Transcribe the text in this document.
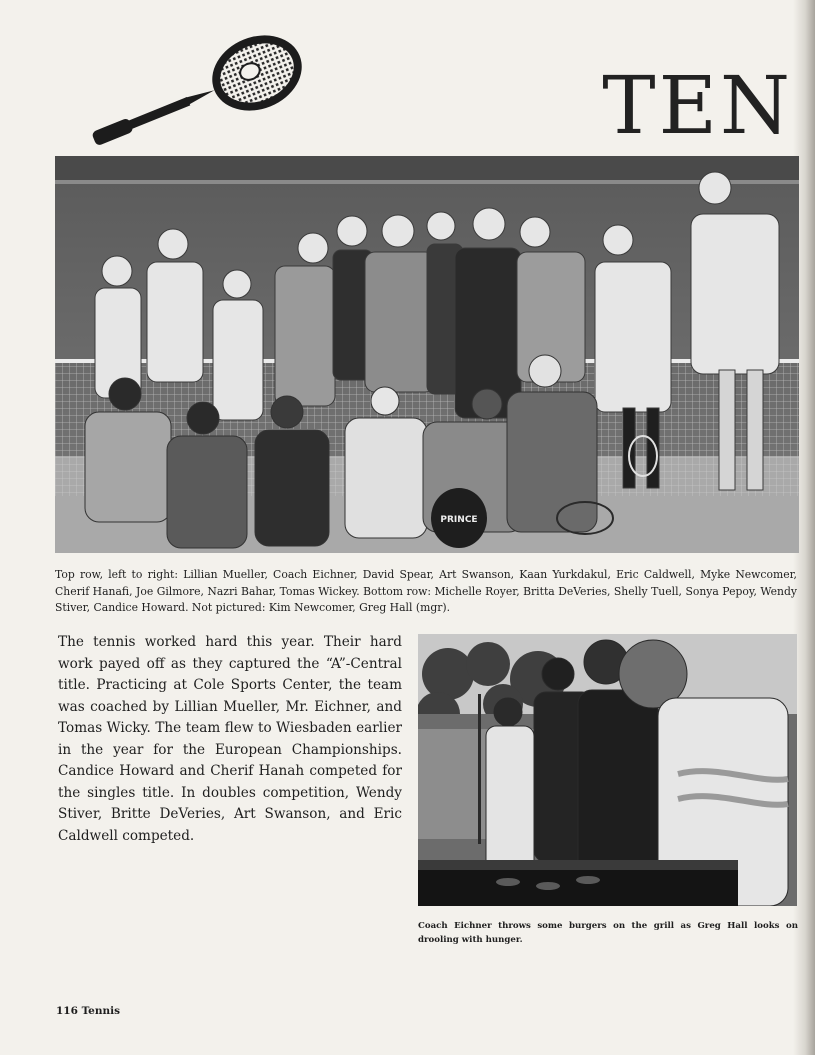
TEN
PRINCE

Top row, left to right: Lillian Mueller, Coach Eichner, David Spear, Art Swanson, Kaan Yurkdakul, Eric Caldwell, Myke Newcomer, Cherif Hanafi, Joe Gilmore, Nazri Bahar, Tomas Wickey. Bottom row: Michelle Royer, Britta DeVeries, Shelly Tuell, Sonya Pepoy, Wendy Stiver, Candice Howard. Not pictured: Kim Newcomer, Greg Hall (mgr).

The tennis worked hard this year. Their hard work payed off as they captured the “A”-Central title. Practicing at Cole Sports Center, the team was coached by Lillian Mueller, Mr. Eichner, and Tomas Wicky. The team flew to Wiesbaden earlier in the year for the European Championships. Candice Howard and Cherif Hanah competed for the singles title. In doubles competition, Wendy Stiver, Britte DeVeries, Art Swanson, and Eric Caldwell competed.

Coach Eichner throws some burgers on the grill as Greg Hall looks on drooling with hunger.

116 Tennis
